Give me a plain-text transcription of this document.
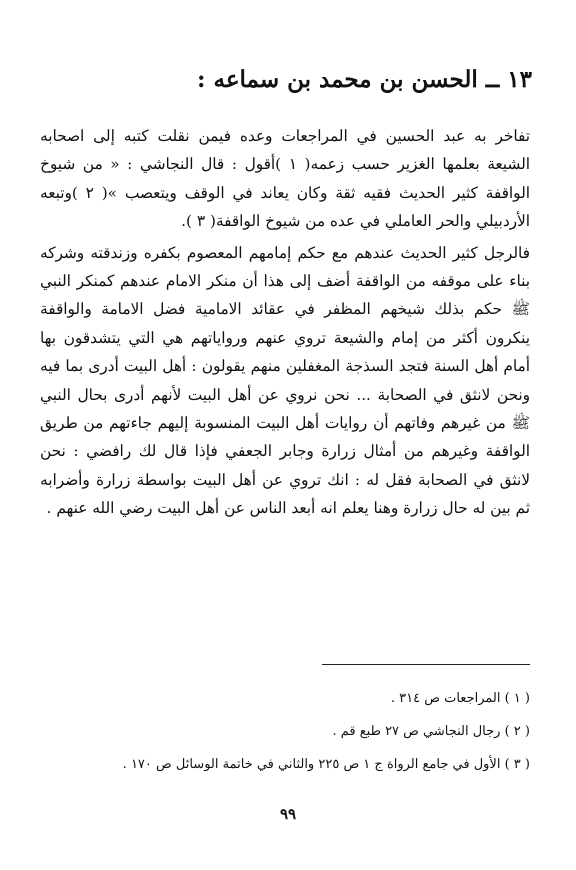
١٣ ــ الحسن بن محمد بن سماعه :

تفاخر به عبد الحسين في المراجعات وعده فيمن نقلت كتبه إلى اصحابه الشيعة بعلمها الغزير حسب زعمه( ١ )أقول : قال النجاشي : « من شيوخ الواقفة كثير الحديث فقيه ثقة وكان يعاند في الوقف ويتعصب »( ٢ )وتبعه الأردبيلي والحر العاملي في عده من شيوخ الواقفة( ٣ ).

فالرجل كثير الحديث عندهم مع حكم إمامهم المعصوم بكفره وزندقته وشركه بناء على موقفه من الواقفة أضف إلى هذا أن منكر الامام عندهم كمنكر النبي ﷺ حكم بذلك شيخهم المظفر في عقائد الامامية فضل الامامة والواقفة ينكرون أكثر من إمام والشيعة تروي عنهم ورواياتهم هي التي يتشدقون بها أمام أهل السنة فتجد السذجة المغفلين منهم يقولون : أهل البيت أدرى بما فيه ونحن لانثق في الصحابة ... نحن نروي عن أهل البيت لأنهم أدرى بحال النبي ﷺ من غيرهم وفاتهم أن روايات أهل البيت المنسوبة إليهم جاءتهم من طريق الواقفة وغيرهم من أمثال زرارة وجابر الجعفي فإذا قال لك رافضي : نحن لانثق في الصحابة فقل له : انك تروي عن أهل البيت بواسطة زرارة وأضرابه ثم بين له حال زرارة وهنا يعلم انه أبعد الناس عن أهل البيت رضي الله عنهم .

( ١ ) المراجعات ص ٣١٤ .
( ٢ ) رجال النجاشي ص ٢٧ طبع قم .
( ٣ ) الأول في جامع الرواة ج ١ ص ٢٢٥ والثاني في خاتمة الوسائل ص ١٧٠ .
٩٩
